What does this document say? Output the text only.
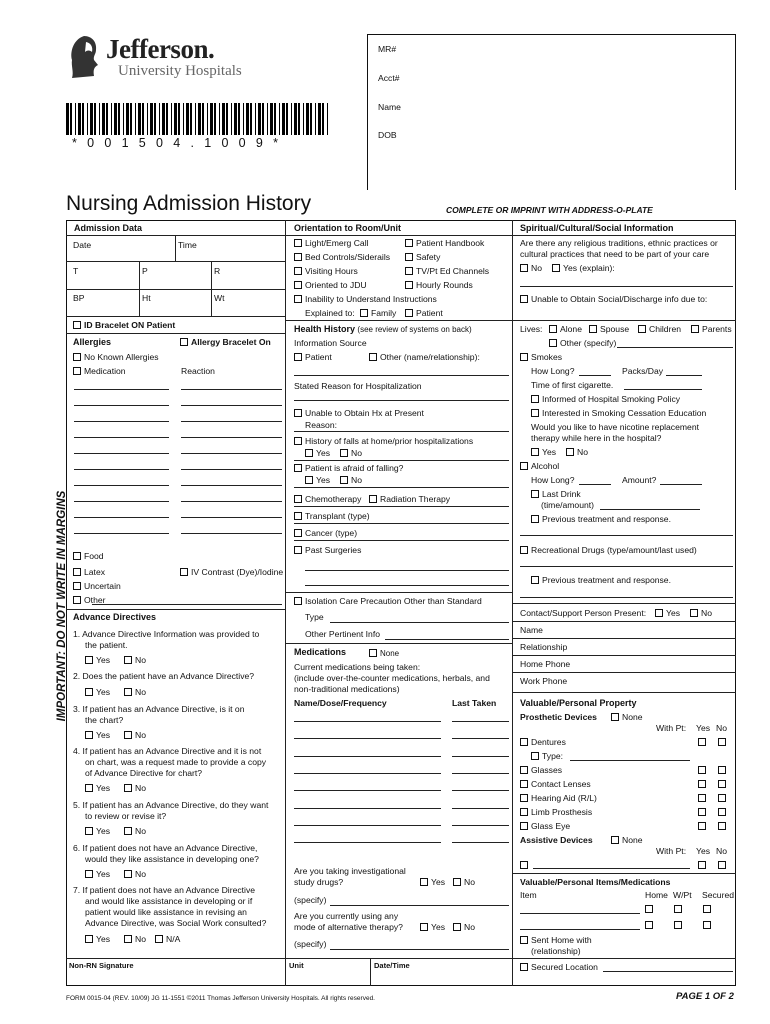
Jefferson.
University Hospitals
* 0 0 1 5 0 4 . 1 0 0 9 *
MR#
Acct#
Name
DOB
Nursing Admission History	COMPLETE OR IMPRINT WITH ADDRESS-O-PLATE
IMPORTANT: DO NOT WRITE IN MARGINS
Admission Data
Date	Time
T	P	R
BP	Ht	Wt
ID Bracelet ON Patient
Allergies	Allergy Bracelet On
No Known Allergies
Medication	Reaction
Food
Latex	IV Contrast (Dye)/Iodine
Uncertain
Other
Advance Directives
1. Advance Directive Information was provided to
the patient.
Yes	No
2. Does the patient have an Advance Directive?
Yes	No
3. If patient has an Advance Directive, is it on
the chart?
Yes	No
4. If patient has an Advance Directive and it is not
on chart, was a request made to provide a copy
of Advance Directive for chart?
Yes	No
5. If patient has an Advance Directive, do they want
to review or revise it?
Yes	No
6. If patient does not have an Advance Directive,
would they like assistance in developing one?
Yes	No
7. If patient does not have an Advance Directive
and would like assistance in developing or if
patient would like assistance in revising an
Advance Directive, was Social Work consulted?
Yes	No	N/A
Non-RN Signature	Unit	Date/Time
Orientation to Room/Unit
Light/Emerg Call	Patient Handbook
Bed Controls/Siderails	Safety
Visiting Hours	TV/Pt Ed Channels
Oriented to JDU	Hourly Rounds
Inability to Understand Instructions
Explained to:	Family	Patient
Health History (see review of systems on back)
Information Source
Patient	Other (name/relationship):
Stated Reason for Hospitalization
Unable to Obtain Hx at Present
Reason:
History of falls at home/prior hospitalizations
Yes	No
Patient is afraid of falling?
Yes	No
Chemotherapy	Radiation Therapy
Transplant (type)
Cancer (type)
Past Surgeries
Isolation Care Precaution Other than Standard
Type
Other Pertinent Info
Medications	None
Current medications being taken:
(include over-the-counter medications, herbals, and
non-traditional medications)
Name/Dose/Frequency	Last Taken
Are you taking investigational
study drugs?	Yes	No
(specify)
Are you currently using any
mode of alternative therapy?	Yes	No
(specify)
Spiritual/Cultural/Social Information
Are there any religious traditions, ethnic practices or
cultural practices that need to be part of your care
No	Yes (explain):
Unable to Obtain Social/Discharge info due to:
Lives:	Alone	Spouse	Children	Parents
Other (specify)
Smokes
How Long?	Packs/Day
Time of first cigarette.
Informed of Hospital Smoking Policy
Interested in Smoking Cessation Education
Would you like to have nicotine replacement
therapy while here in the hospital?
Yes	No
Alcohol
How Long?	Amount?
Last Drink
(time/amount)
Previous treatment and response.
Recreational Drugs (type/amount/last used)
Previous treatment and response.
Contact/Support Person Present:	Yes	No
Name
Relationship
Home Phone
Work Phone
Valuable/Personal Property
Prosthetic Devices	None
With Pt: Yes No
Dentures
Type:
Glasses
Contact Lenses
Hearing Aid (R/L)
Limb Prosthesis
Glass Eye
Assistive Devices	None
With Pt: Yes No
Valuable/Personal Items/Medications
Item	Home W/Pt Secured
Sent Home with
(relationship)
Secured Location
FORM 0015-04 (REV. 10/09) JG 11-1551 ©2011 Thomas Jefferson University Hospitals. All rights reserved.	PAGE 1 OF 2
